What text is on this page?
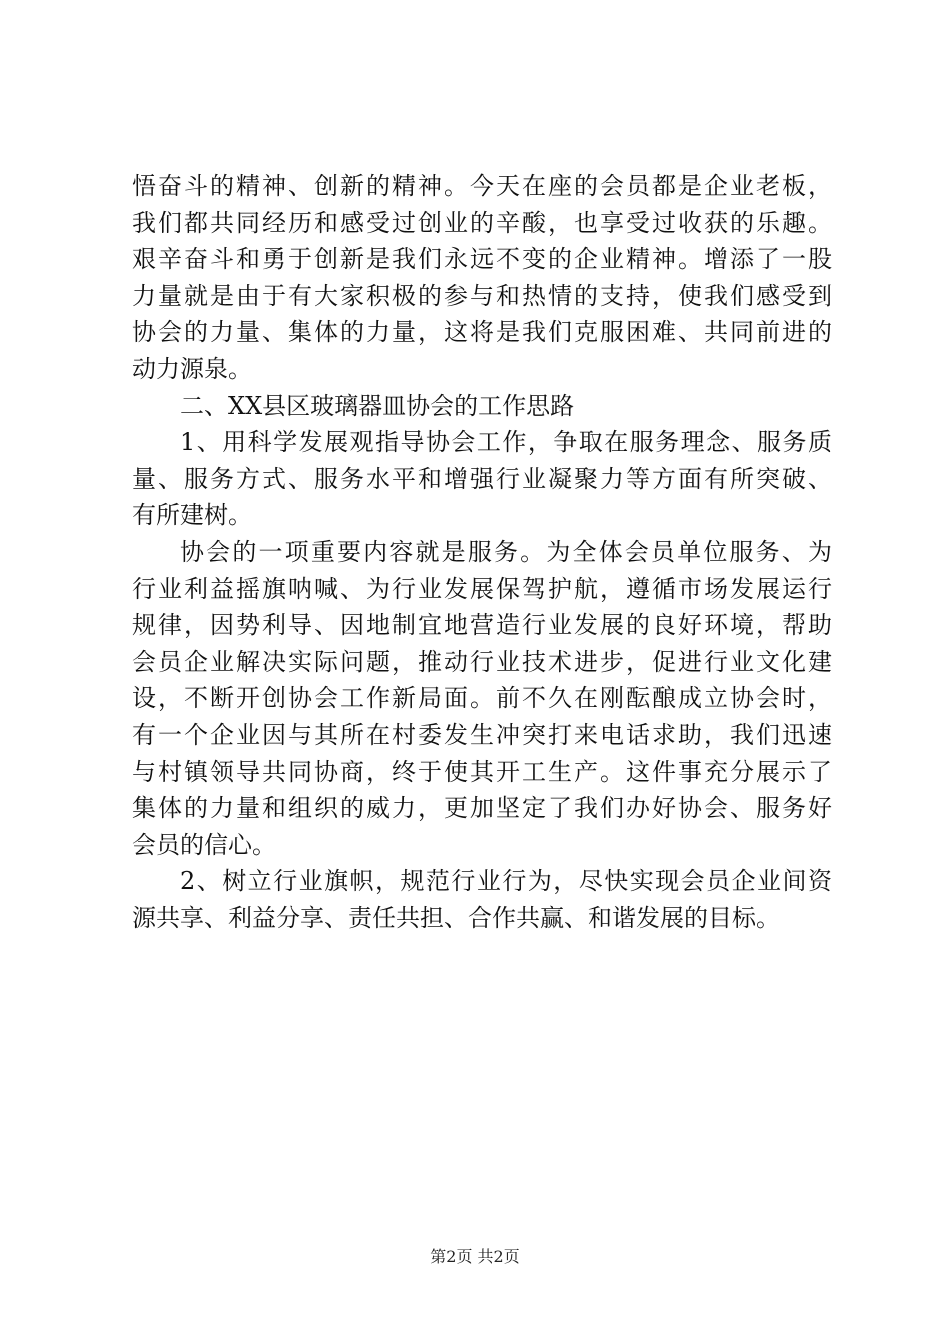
悟奋斗的精神、创新的精神。今天在座的会员都是企业老板，
我们都共同经历和感受过创业的辛酸，也享受过收获的乐趣。
艰辛奋斗和勇于创新是我们永远不变的企业精神。增添了一股
力量就是由于有大家积极的参与和热情的支持，使我们感受到
协会的力量、集体的力量，这将是我们克服困难、共同前进的
动力源泉。
二、XX县区玻璃器皿协会的工作思路
1、用科学发展观指导协会工作，争取在服务理念、服务质
量、服务方式、服务水平和增强行业凝聚力等方面有所突破、
有所建树。
协会的一项重要内容就是服务。为全体会员单位服务、为
行业利益摇旗呐喊、为行业发展保驾护航，遵循市场发展运行
规律，因势利导、因地制宜地营造行业发展的良好环境，帮助
会员企业解决实际问题，推动行业技术进步，促进行业文化建
设，不断开创协会工作新局面。前不久在刚酝酿成立协会时，
有一个企业因与其所在村委发生冲突打来电话求助，我们迅速
与村镇领导共同协商，终于使其开工生产。这件事充分展示了
集体的力量和组织的威力，更加坚定了我们办好协会、服务好
会员的信心。
2、树立行业旗帜，规范行业行为，尽快实现会员企业间资
源共享、利益分享、责任共担、合作共赢、和谐发展的目标。
第2页 共2页
